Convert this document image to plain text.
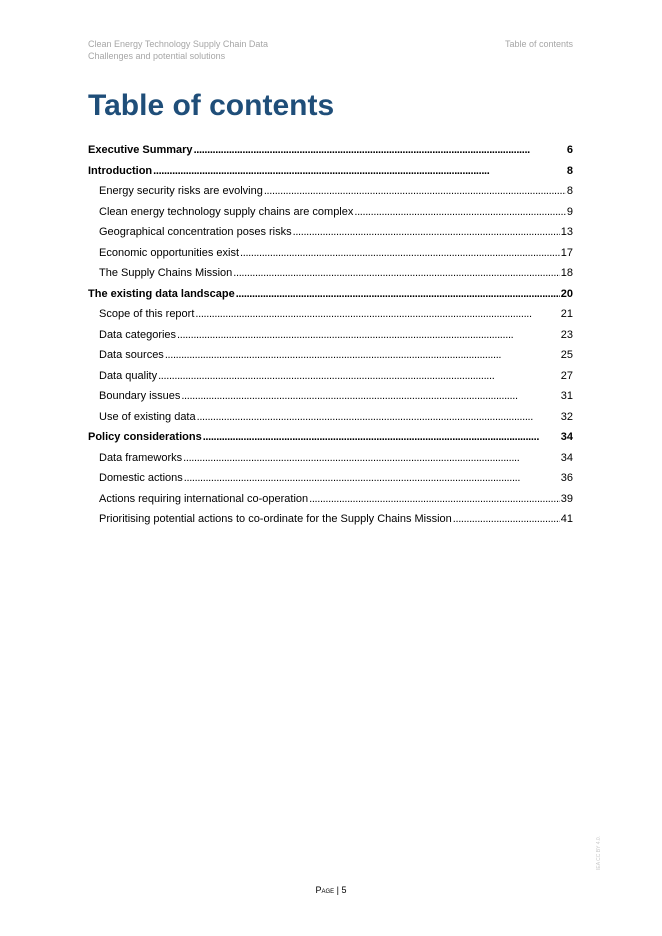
Clean Energy Technology Supply Chain Data
Challenges and potential solutions
Table of contents
Table of contents
Executive Summary . . .	6
Introduction . . .	8
Energy security risks are evolving . . .	8
Clean energy technology supply chains are complex . . .	9
Geographical concentration poses risks . . .	13
Economic opportunities exist . . .	17
The Supply Chains Mission . . .	18
The existing data landscape . . .	20
Scope of this report . . .	21
Data categories . . .	23
Data sources . . .	25
Data quality . . .	27
Boundary issues . . .	31
Use of existing data . . .	32
Policy considerations . . .	34
Data frameworks . . .	34
Domestic actions . . .	36
Actions requiring international co-operation . . .	39
Prioritising potential actions to co-ordinate for the Supply Chains Mission . . .	41
Page | 5
IEA CC BY 4.0.
